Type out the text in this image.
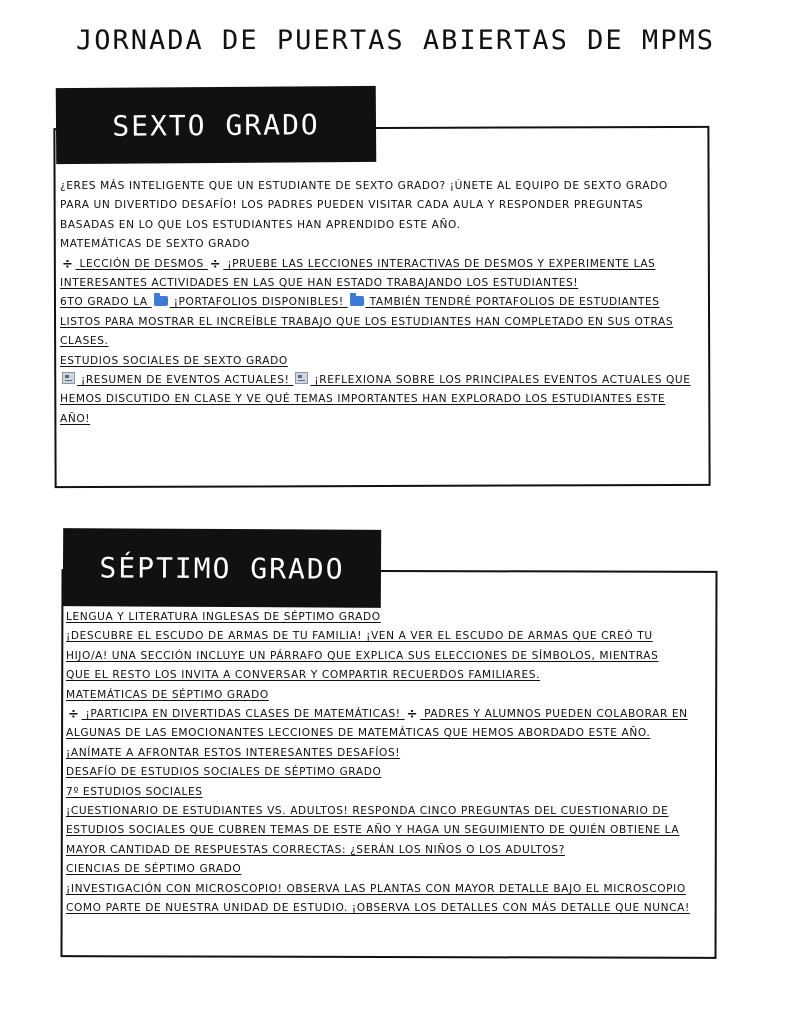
JORNADA DE PUERTAS ABIERTAS DE MPMS
SEXTO GRADO
¿ERES MÁS INTELIGENTE QUE UN ESTUDIANTE DE SEXTO GRADO? ¡ÚNETE AL EQUIPO DE SEXTO GRADO
PARA UN DIVERTIDO DESAFÍO! LOS PADRES PUEDEN VISITAR CADA AULA Y RESPONDER PREGUNTAS
BASADAS EN LO QUE LOS ESTUDIANTES HAN APRENDIDO ESTE AÑO.
MATEMÁTICAS DE SEXTO GRADO
÷ LECCIÓN DE DESMOS ÷ ¡PRUEBE LAS LECCIONES INTERACTIVAS DE DESMOS Y EXPERIMENTE LAS
INTERESANTES ACTIVIDADES EN LAS QUE HAN ESTADO TRABAJANDO LOS ESTUDIANTES!
6TO GRADO LA  ¡PORTAFOLIOS DISPONIBLES!  TAMBIÉN TENDRÉ PORTAFOLIOS DE ESTUDIANTES
LISTOS PARA MOSTRAR EL INCREÍBLE TRABAJO QUE LOS ESTUDIANTES HAN COMPLETADO EN SUS OTRAS
CLASES.
ESTUDIOS SOCIALES DE SEXTO GRADO
¡RESUMEN DE EVENTOS ACTUALES!  ¡REFLEXIONA SOBRE LOS PRINCIPALES EVENTOS ACTUALES QUE
HEMOS DISCUTIDO EN CLASE Y VE QUÉ TEMAS IMPORTANTES HAN EXPLORADO LOS ESTUDIANTES ESTE
AÑO!
SÉPTIMO GRADO
LENGUA Y LITERATURA INGLESAS DE SÉPTIMO GRADO
¡DESCUBRE EL ESCUDO DE ARMAS DE TU FAMILIA! ¡VEN A VER EL ESCUDO DE ARMAS QUE CREÓ TU
HIJO/A! UNA SECCIÓN INCLUYE UN PÁRRAFO QUE EXPLICA SUS ELECCIONES DE SÍMBOLOS, MIENTRAS
QUE EL RESTO LOS INVITA A CONVERSAR Y COMPARTIR RECUERDOS FAMILIARES.
MATEMÁTICAS DE SÉPTIMO GRADO
÷ ¡PARTICIPA EN DIVERTIDAS CLASES DE MATEMÁTICAS! ÷ PADRES Y ALUMNOS PUEDEN COLABORAR EN
ALGUNAS DE LAS EMOCIONANTES LECCIONES DE MATEMÁTICAS QUE HEMOS ABORDADO ESTE AÑO.
¡ANÍMATE A AFRONTAR ESTOS INTERESANTES DESAFÍOS!
DESAFÍO DE ESTUDIOS SOCIALES DE SÉPTIMO GRADO
7º ESTUDIOS SOCIALES
¡CUESTIONARIO DE ESTUDIANTES VS. ADULTOS! RESPONDA CINCO PREGUNTAS DEL CUESTIONARIO DE
ESTUDIOS SOCIALES QUE CUBREN TEMAS DE ESTE AÑO Y HAGA UN SEGUIMIENTO DE QUIÉN OBTIENE LA
MAYOR CANTIDAD DE RESPUESTAS CORRECTAS: ¿SERÁN LOS NIÑOS O LOS ADULTOS?
CIENCIAS DE SÉPTIMO GRADO
¡INVESTIGACIÓN CON MICROSCOPIO! OBSERVA LAS PLANTAS CON MAYOR DETALLE BAJO EL MICROSCOPIO
COMO PARTE DE NUESTRA UNIDAD DE ESTUDIO. ¡OBSERVA LOS DETALLES CON MÁS DETALLE QUE NUNCA!
